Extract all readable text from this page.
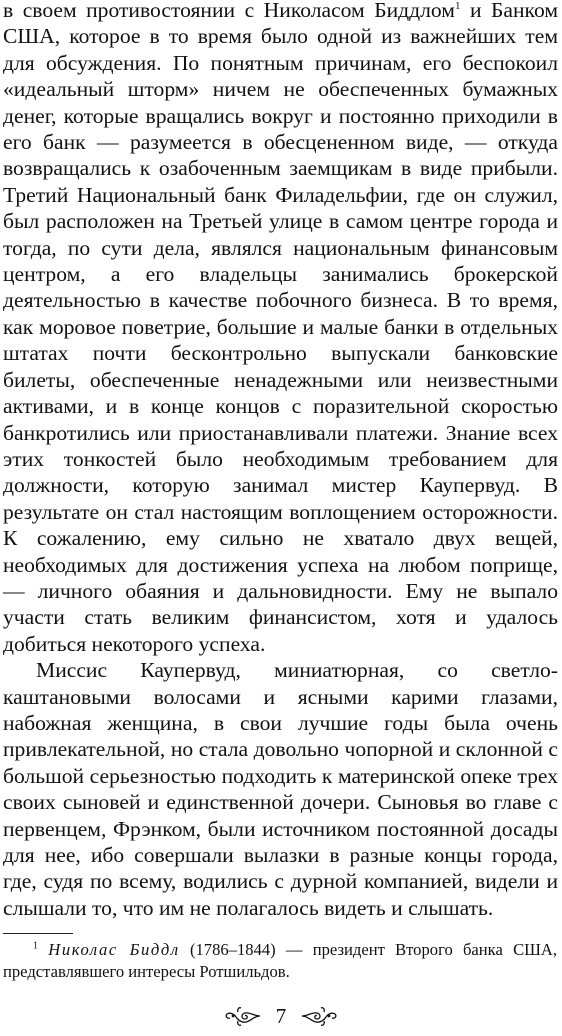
в своем противостоянии с Николасом Биддлом$^1$ и Банком США, которое в то время было одной из важнейших тем для обсуждения. По понятным причинам, его беспокоил «идеальный шторм» ничем не обеспеченных бумажных денег, которые вращались вокруг и постоянно приходили в его банк — разумеется в обесцененном виде, — откуда возвращались к озабоченным заемщикам в виде прибыли. Третий Национальный банк Филадельфии, где он служил, был расположен на Третьей улице в самом центре города и тогда, по сути дела, являлся национальным финансовым центром, а его владельцы занимались брокерской деятельностью в качестве побочного бизнеса. В то время, как моровое поветрие, большие и малые банки в отдельных штатах почти бесконтрольно выпускали банковские билеты, обеспеченные ненадежными или неизвестными активами, и в конце концов с поразительной скоростью банкротились или приостанавливали платежи. Знание всех этих тонкостей было необходимым требованием для должности, которую занимал мистер Каупервуд. В результате он стал настоящим воплощением осторожности. К сожалению, ему сильно не хватало двух вещей, необходимых для достижения успеха на любом поприще, — личного обаяния и дальновидности. Ему не выпало участи стать великим финансистом, хотя и удалось добиться некоторого успеха.

Миссис Каупервуд, миниатюрная, со светло-каштановыми волосами и ясными карими глазами, набожная женщина, в свои лучшие годы была очень привлекательной, но стала довольно чопорной и склонной с большой серьезностью подходить к материнской опеке трех своих сыновей и единственной дочери. Сыновья во главе с первенцем, Фрэнком, были источником постоянной досады для нее, ибо совершали вылазки в разные концы города, где, судя по всему, водились с дурной компанией, видели и слышали то, что им не полагалось видеть и слышать.

$^1$ Николас Биддл (1786–1844) — президент Второго банка США, представлявшего интересы Ротшильдов.
7
